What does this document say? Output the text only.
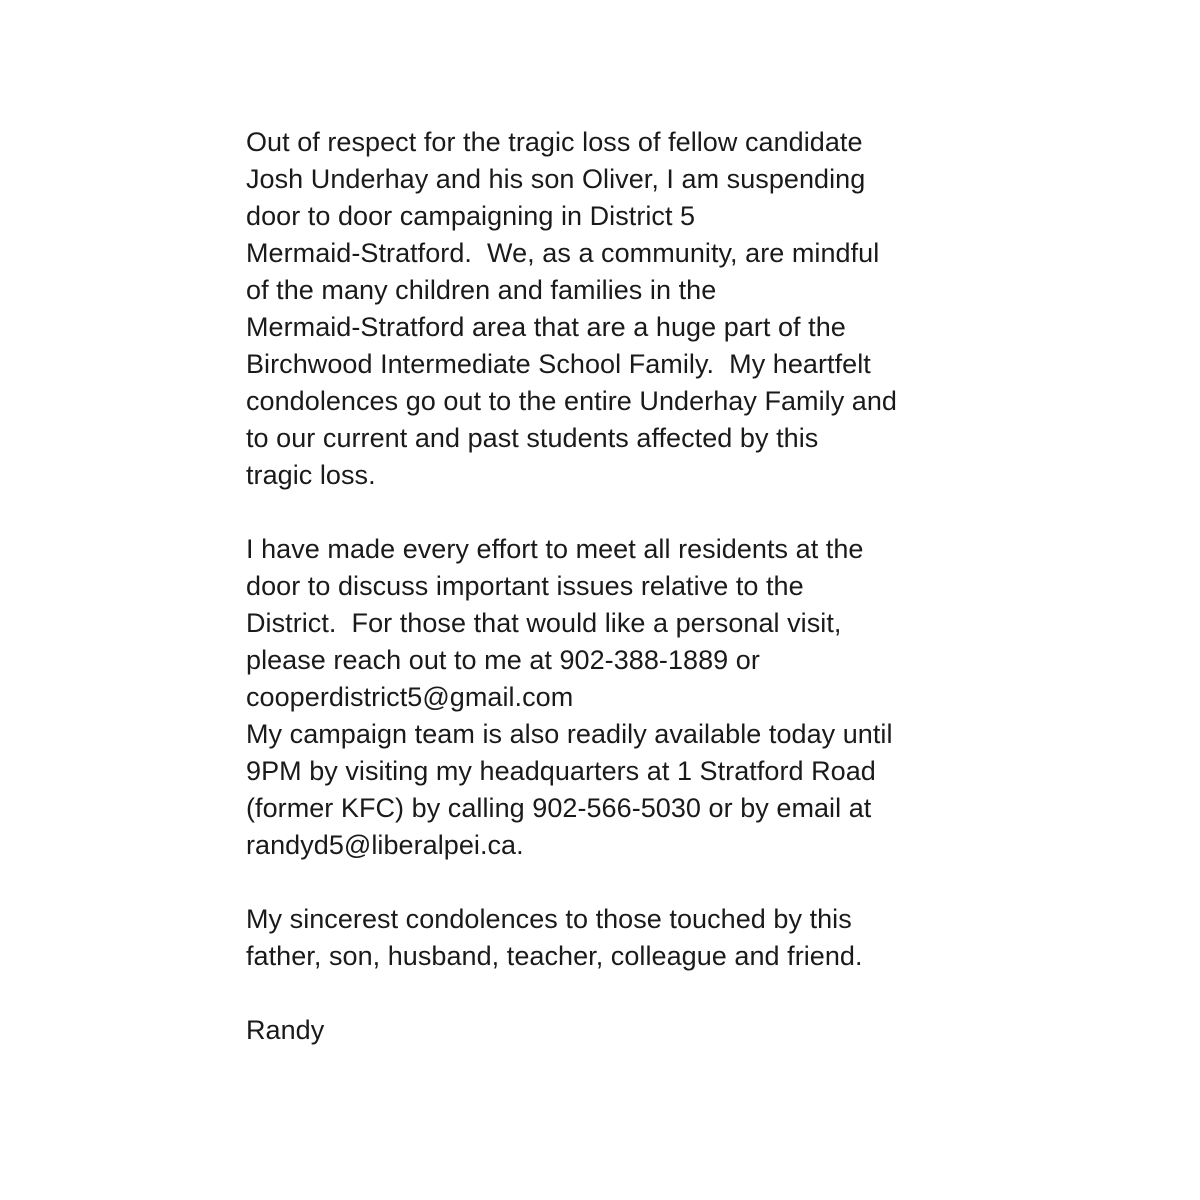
Out of respect for the tragic loss of fellow candidate
Josh Underhay and his son Oliver, I am suspending
door to door campaigning in District 5
Mermaid-Stratford.  We, as a community, are mindful
of the many children and families in the
Mermaid-Stratford area that are a huge part of the
Birchwood Intermediate School Family.  My heartfelt
condolences go out to the entire Underhay Family and
to our current and past students affected by this
tragic loss.
I have made every effort to meet all residents at the
door to discuss important issues relative to the
District.  For those that would like a personal visit,
please reach out to me at 902-388-1889 or
cooperdistrict5@gmail.com
My campaign team is also readily available today until
9PM by visiting my headquarters at 1 Stratford Road
(former KFC) by calling 902-566-5030 or by email at
randyd5@liberalpei.ca.
My sincerest condolences to those touched by this
father, son, husband, teacher, colleague and friend.
Randy
